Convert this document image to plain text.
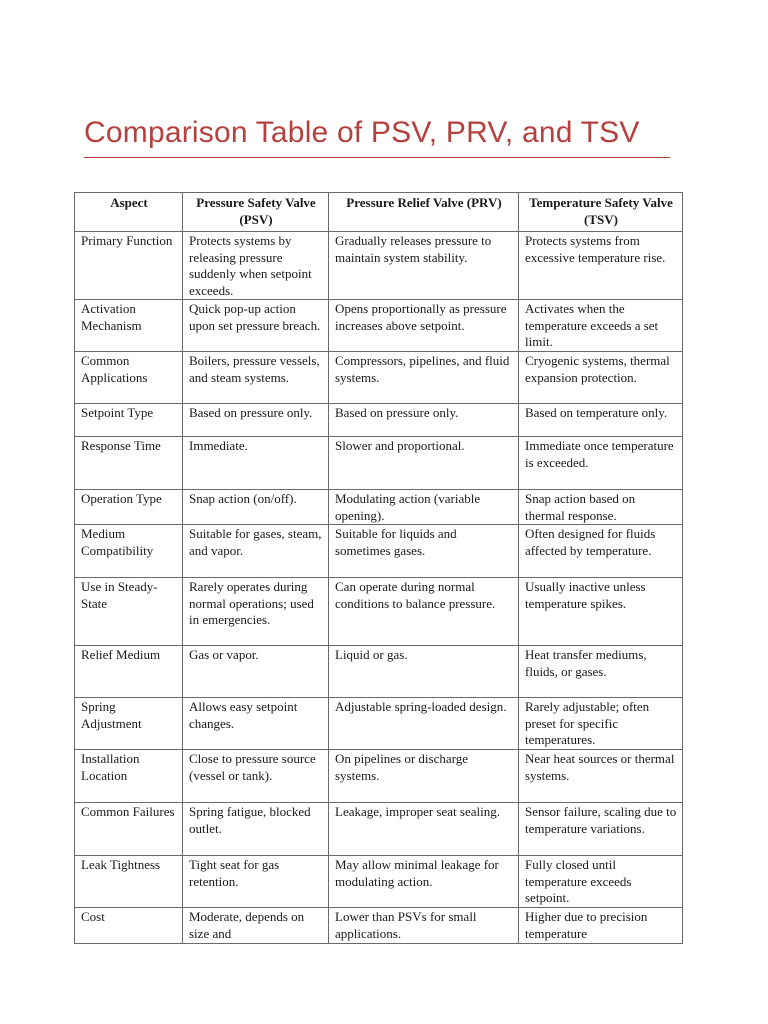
Comparison Table of PSV, PRV, and TSV
Aspect	Pressure Safety Valve (PSV)	Pressure Relief Valve (PRV)	Temperature Safety Valve (TSV)
Primary Function	Protects systems by releasing pressure suddenly when setpoint exceeds.	Gradually releases pressure to maintain system stability.	Protects systems from excessive temperature rise.
Activation Mechanism	Quick pop-up action upon set pressure breach.	Opens proportionally as pressure increases above setpoint.	Activates when the temperature exceeds a set limit.
Common Applications	Boilers, pressure vessels, and steam systems.	Compressors, pipelines, and fluid systems.	Cryogenic systems, thermal expansion protection.
Setpoint Type	Based on pressure only.	Based on pressure only.	Based on temperature only.
Response Time	Immediate.	Slower and proportional.	Immediate once temperature is exceeded.
Operation Type	Snap action (on/off).	Modulating action (variable opening).	Snap action based on thermal response.
Medium Compatibility	Suitable for gases, steam, and vapor.	Suitable for liquids and sometimes gases.	Often designed for fluids affected by temperature.
Use in Steady-State	Rarely operates during normal operations; used in emergencies.	Can operate during normal conditions to balance pressure.	Usually inactive unless temperature spikes.
Relief Medium	Gas or vapor.	Liquid or gas.	Heat transfer mediums, fluids, or gases.
Spring Adjustment	Allows easy setpoint changes.	Adjustable spring-loaded design.	Rarely adjustable; often preset for specific temperatures.
Installation Location	Close to pressure source (vessel or tank).	On pipelines or discharge systems.	Near heat sources or thermal systems.
Common Failures	Spring fatigue, blocked outlet.	Leakage, improper seat sealing.	Sensor failure, scaling due to temperature variations.
Leak Tightness	Tight seat for gas retention.	May allow minimal leakage for modulating action.	Fully closed until temperature exceeds setpoint.
Cost	Moderate, depends on size and	Lower than PSVs for small applications.	Higher due to precision temperature
